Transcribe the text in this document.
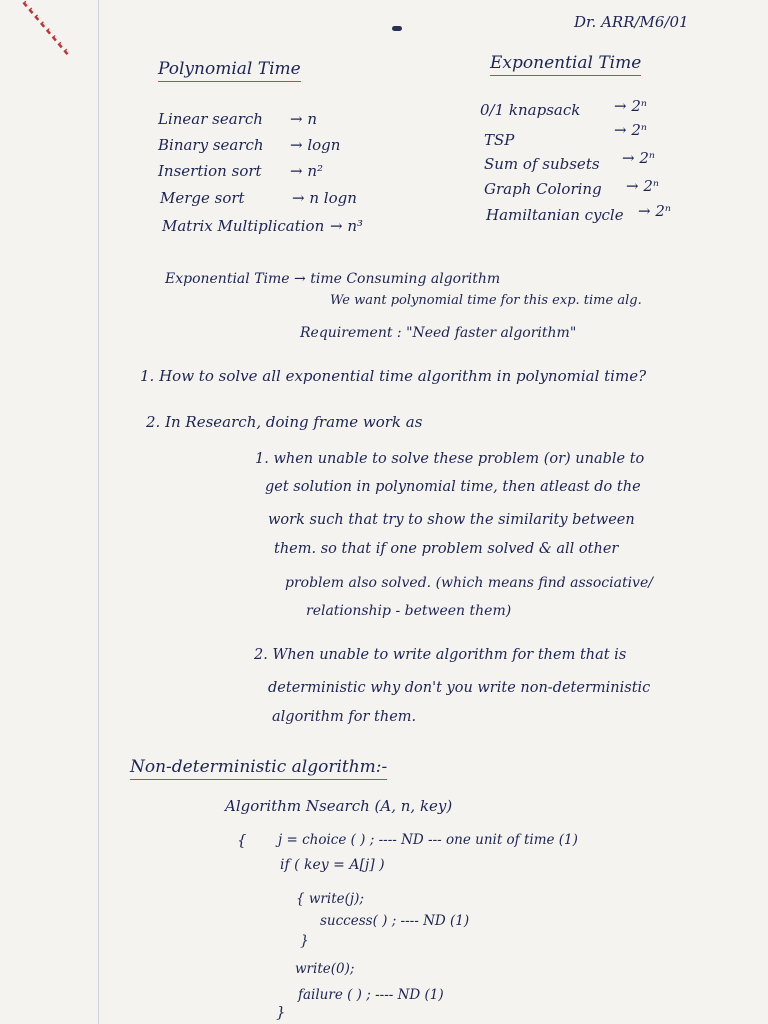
Dr. ARR/M6/01
Polynomial Time
Linear search → n
Binary search → logn
Insertion sort → n²
Merge sort	→ n logn
Matrix Multiplication → n³
Exponential Time
0/1 knapsack → 2ⁿ
TSP
→ 2ⁿ
Sum of subsets → 2ⁿ
Graph Coloring → 2ⁿ
Hamiltanian cycle → 2ⁿ
Exponential Time → time Consuming algorithm
We want polynomial time for this exp. time alg.
Requirement : "Need faster algorithm"
1. How to solve all exponential time algorithm in polynomial time?
2. In Research, doing frame work as
1. when unable to solve these problem (or) unable to
get solution in polynomial time, then atleast do the
work such that try to show the similarity between
them. so that if one problem solved & all other
problem also solved. (which means find associative/
relationship - between them)
2. When unable to write algorithm for them that is
deterministic why don't you write non-deterministic
algorithm for them.
Non-deterministic algorithm:-
Algorithm Nsearch (A, n, key)
{ j = choice ( ) ; ---- ND --- one unit of time (1)
if ( key = A[j] )
{ write(j);
success( ) ; ---- ND (1)
}
write(0);
failure ( ) ; ---- ND (1)
}
